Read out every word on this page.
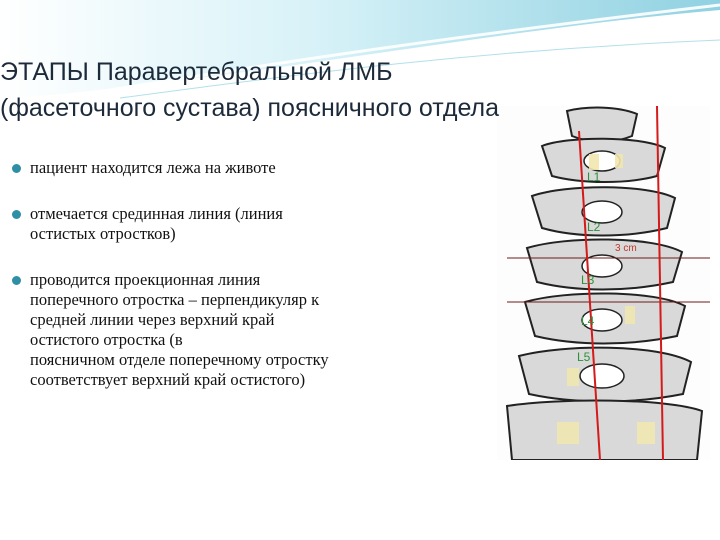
ЭТАПЫ Паравертебральной ЛМБ
(фасеточного сустава) поясничного отдела
пациент находится лежа на животе
отмечается срединная линия (линия
остистых отростков)
проводится проекционная линия
поперечного отростка – перпендикуляр к
средней линии через верхний край
остистого отростка (в
поясничном отделе поперечному отростку
соответствует верхний край остистого)
L1
L2
L3
L4
L5
3 cm
